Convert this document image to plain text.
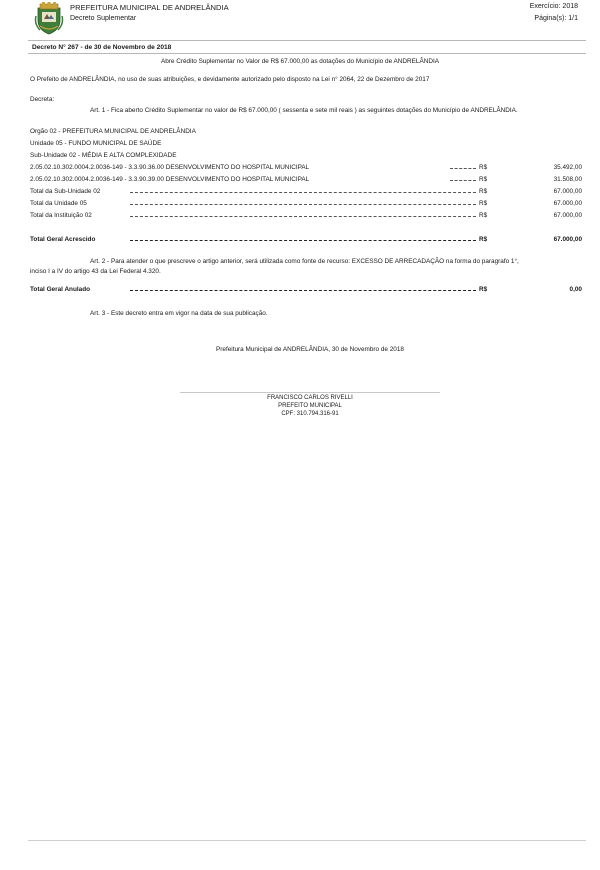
PREFEITURA MUNICIPAL DE ANDRELÂNDIA
Decreto Suplementar
Exercício: 2018
Página(s): 1/1
Decreto N° 267 - de 30 de Novembro de 2018
Abre Crédito Suplementar no Valor de R$ 67.000,00 as dotações do Município de ANDRELÂNDIA
O Prefeito de ANDRELÂNDIA, no uso de suas atribuições, e devidamente autorizado pelo disposto na Lei n° 2064, 22 de Dezembro de 2017
Decreta:
Art. 1 - Fica aberto Crédito Suplementar no valor de R$ 67.000,00 ( sessenta e sete mil reais ) as seguintes dotações do Município de ANDRELÂNDIA.
Orgão 02 - PREFEITURA MUNICIPAL DE ANDRELÂNDIA
Unidade 05 - FUNDO MUNICIPAL DE SAÚDE
Sub-Unidade 02 - MÉDIA E ALTA COMPLEXIDADE
2.05.02.10.302.0004.2.0036-149 - 3.3.90.36.00 DESENVOLVIMENTO DO HOSPITAL MUNICIPAL	R$	35.492,00
2.05.02.10.302.0004.2.0036-149 - 3.3.90.39.00 DESENVOLVIMENTO DO HOSPITAL MUNICIPAL	R$	31.508,00
Total da Sub-Unidade 02	R$	67.000,00
Total da Unidade 05	R$	67.000,00
Total da Instituição 02	R$	67.000,00
Total Geral Acrescido	R$	67.000,00
Art. 2 - Para atender o que prescreve o artigo anterior, será utilizada como fonte de recurso: EXCESSO DE ARRECADAÇÃO na forma do paragrafo 1°,
inciso I a IV do artigo 43 da Lei Federal 4.320.
Total Geral Anulado	R$	0,00
Art. 3 - Este decreto entra em vigor na data de sua publicação.
Prefeitura Municipal de ANDRELÂNDIA, 30 de Novembro de 2018
FRANCISCO CARLOS RIVELLI
PREFEITO MUNICIPAL
CPF: 310.794.316-91
